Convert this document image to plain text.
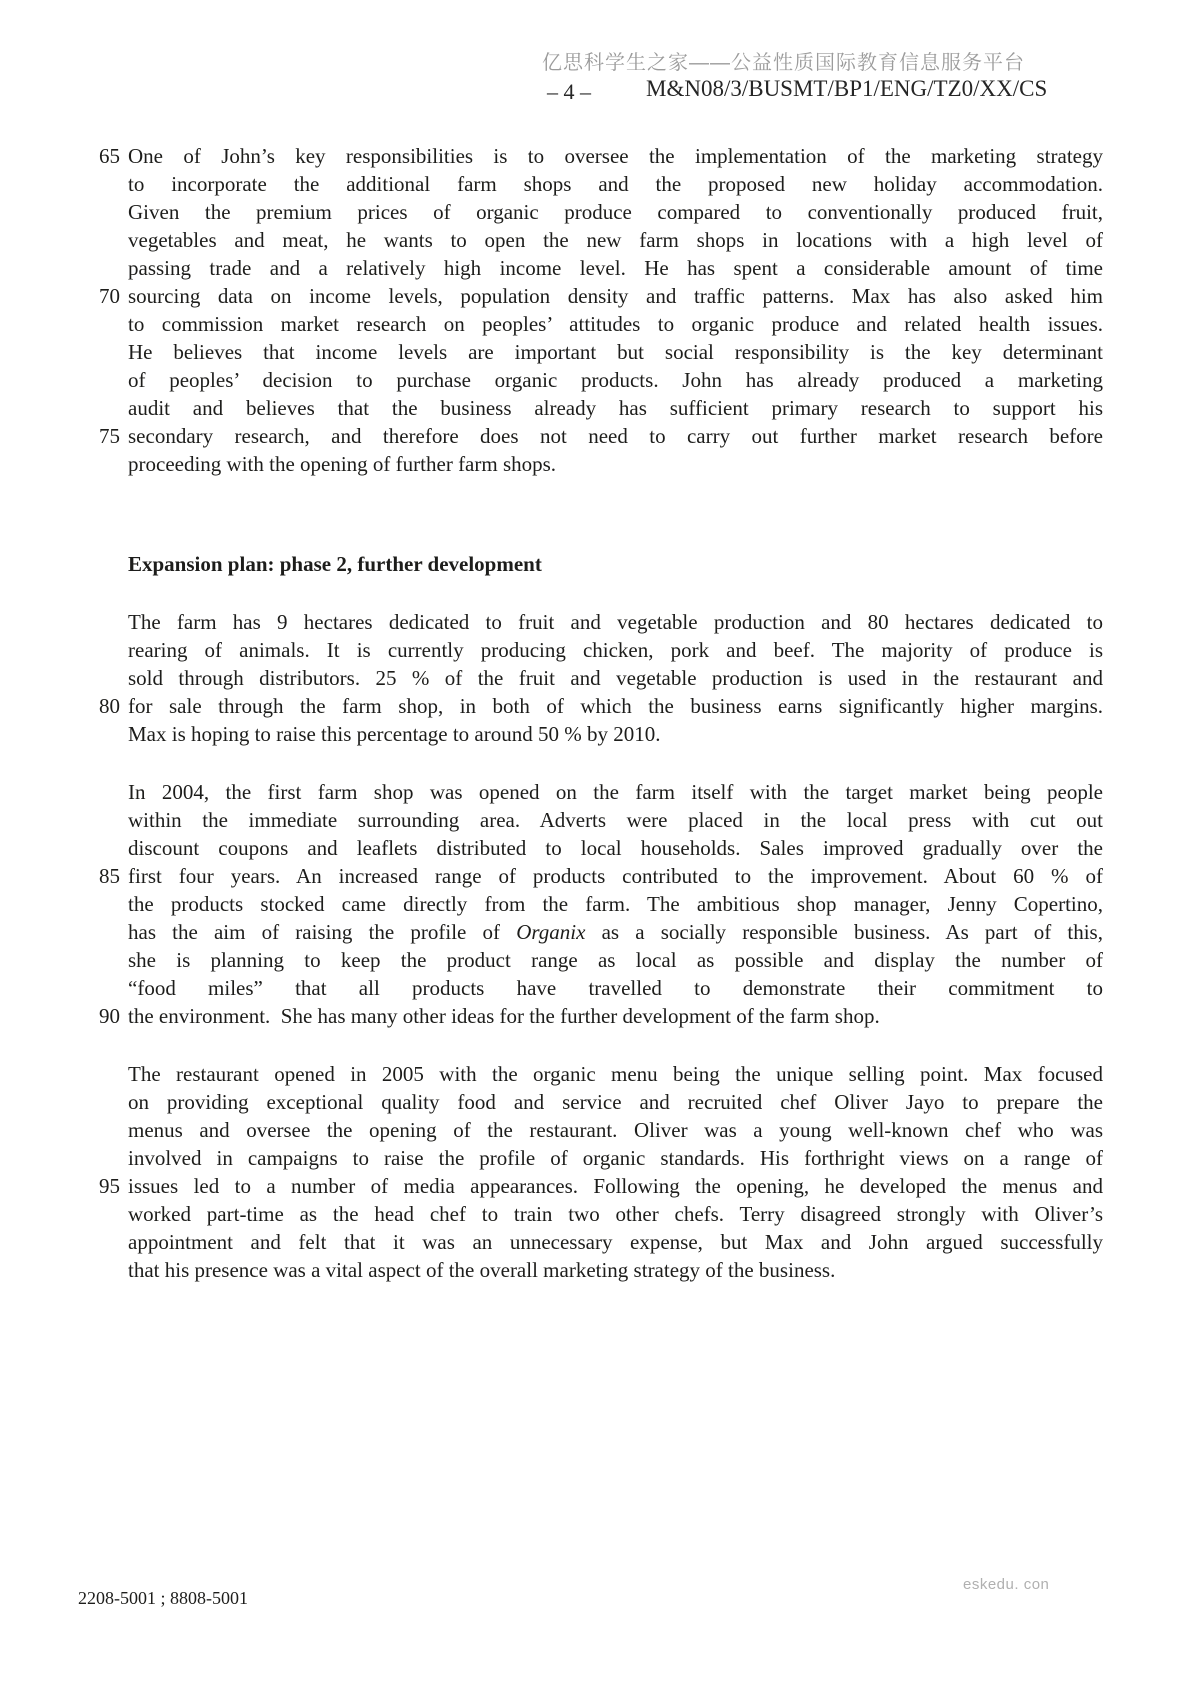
亿思科学生之家——公益性质国际教育信息服务平台
– 4 – M&N08/3/BUSMT/BP1/ENG/TZ0/XX/CS
65 One of John’s key responsibilities is to oversee the implementation of the marketing strategy
to incorporate the additional farm shops and the proposed new holiday accommodation.
Given the premium prices of organic produce compared to conventionally produced fruit,
vegetables and meat, he wants to open the new farm shops in locations with a high level of
passing trade and a relatively high income level. He has spent a considerable amount of time
70 sourcing data on income levels, population density and traffic patterns. Max has also asked him
to commission market research on peoples’ attitudes to organic produce and related health issues.
He believes that income levels are important but social responsibility is the key determinant
of peoples’ decision to purchase organic products. John has already produced a marketing
audit and believes that the business already has sufficient primary research to support his
75 secondary research, and therefore does not need to carry out further market research before
proceeding with the opening of further farm shops.
Expansion plan: phase 2, further development
The farm has 9 hectares dedicated to fruit and vegetable production and 80 hectares dedicated to
rearing of animals. It is currently producing chicken, pork and beef. The majority of produce is
sold through distributors. 25 % of the fruit and vegetable production is used in the restaurant and
80 for sale through the farm shop, in both of which the business earns significantly higher margins.
Max is hoping to raise this percentage to around 50 % by 2010.
In 2004, the first farm shop was opened on the farm itself with the target market being people
within the immediate surrounding area. Adverts were placed in the local press with cut out
discount coupons and leaflets distributed to local households. Sales improved gradually over the
85 first four years. An increased range of products contributed to the improvement. About 60 % of
the products stocked came directly from the farm. The ambitious shop manager, Jenny Copertino,
has the aim of raising the profile of Organix as a socially responsible business. As part of this,
she is planning to keep the product range as local as possible and display the number of
“food miles” that all products have travelled to demonstrate their commitment to
90 the environment.  She has many other ideas for the further development of the farm shop.
The restaurant opened in 2005 with the organic menu being the unique selling point. Max focused
on providing exceptional quality food and service and recruited chef Oliver Jayo to prepare the
menus and oversee the opening of the restaurant. Oliver was a young well-known chef who was
involved in campaigns to raise the profile of organic standards. His forthright views on a range of
95 issues led to a number of media appearances. Following the opening, he developed the menus and
worked part-time as the head chef to train two other chefs. Terry disagreed strongly with Oliver’s
appointment and felt that it was an unnecessary expense, but Max and John argued successfully
that his presence was a vital aspect of the overall marketing strategy of the business.
2208-5001 ; 8808-5001
eskedu. con
